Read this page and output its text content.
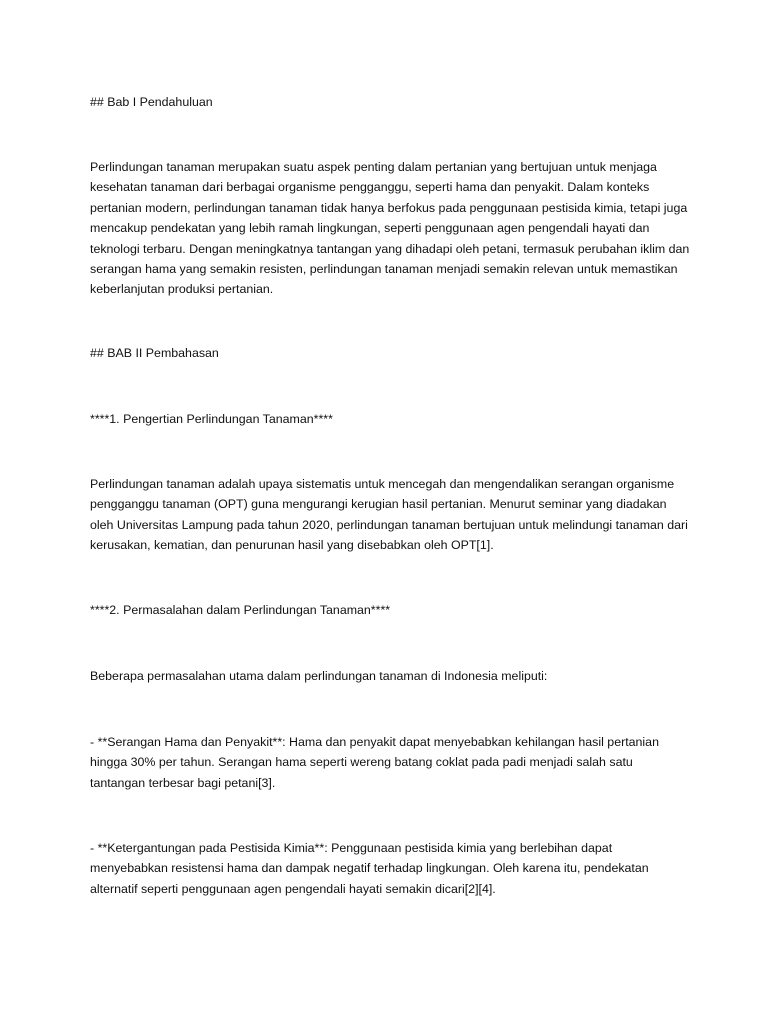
## Bab I Pendahuluan

Perlindungan tanaman merupakan suatu aspek penting dalam pertanian yang bertujuan untuk menjaga kesehatan tanaman dari berbagai organisme pengganggu, seperti hama dan penyakit. Dalam konteks pertanian modern, perlindungan tanaman tidak hanya berfokus pada penggunaan pestisida kimia, tetapi juga mencakup pendekatan yang lebih ramah lingkungan, seperti penggunaan agen pengendali hayati dan teknologi terbaru. Dengan meningkatnya tantangan yang dihadapi oleh petani, termasuk perubahan iklim dan serangan hama yang semakin resisten, perlindungan tanaman menjadi semakin relevan untuk memastikan keberlanjutan produksi pertanian.

## BAB II Pembahasan

****1. Pengertian Perlindungan Tanaman****

Perlindungan tanaman adalah upaya sistematis untuk mencegah dan mengendalikan serangan organisme pengganggu tanaman (OPT) guna mengurangi kerugian hasil pertanian. Menurut seminar yang diadakan oleh Universitas Lampung pada tahun 2020, perlindungan tanaman bertujuan untuk melindungi tanaman dari kerusakan, kematian, dan penurunan hasil yang disebabkan oleh OPT[1].

****2. Permasalahan dalam Perlindungan Tanaman****

Beberapa permasalahan utama dalam perlindungan tanaman di Indonesia meliputi:

- **Serangan Hama dan Penyakit**: Hama dan penyakit dapat menyebabkan kehilangan hasil pertanian hingga 30% per tahun. Serangan hama seperti wereng batang coklat pada padi menjadi salah satu tantangan terbesar bagi petani[3].

- **Ketergantungan pada Pestisida Kimia**: Penggunaan pestisida kimia yang berlebihan dapat menyebabkan resistensi hama dan dampak negatif terhadap lingkungan. Oleh karena itu, pendekatan alternatif seperti penggunaan agen pengendali hayati semakin dicari[2][4].
